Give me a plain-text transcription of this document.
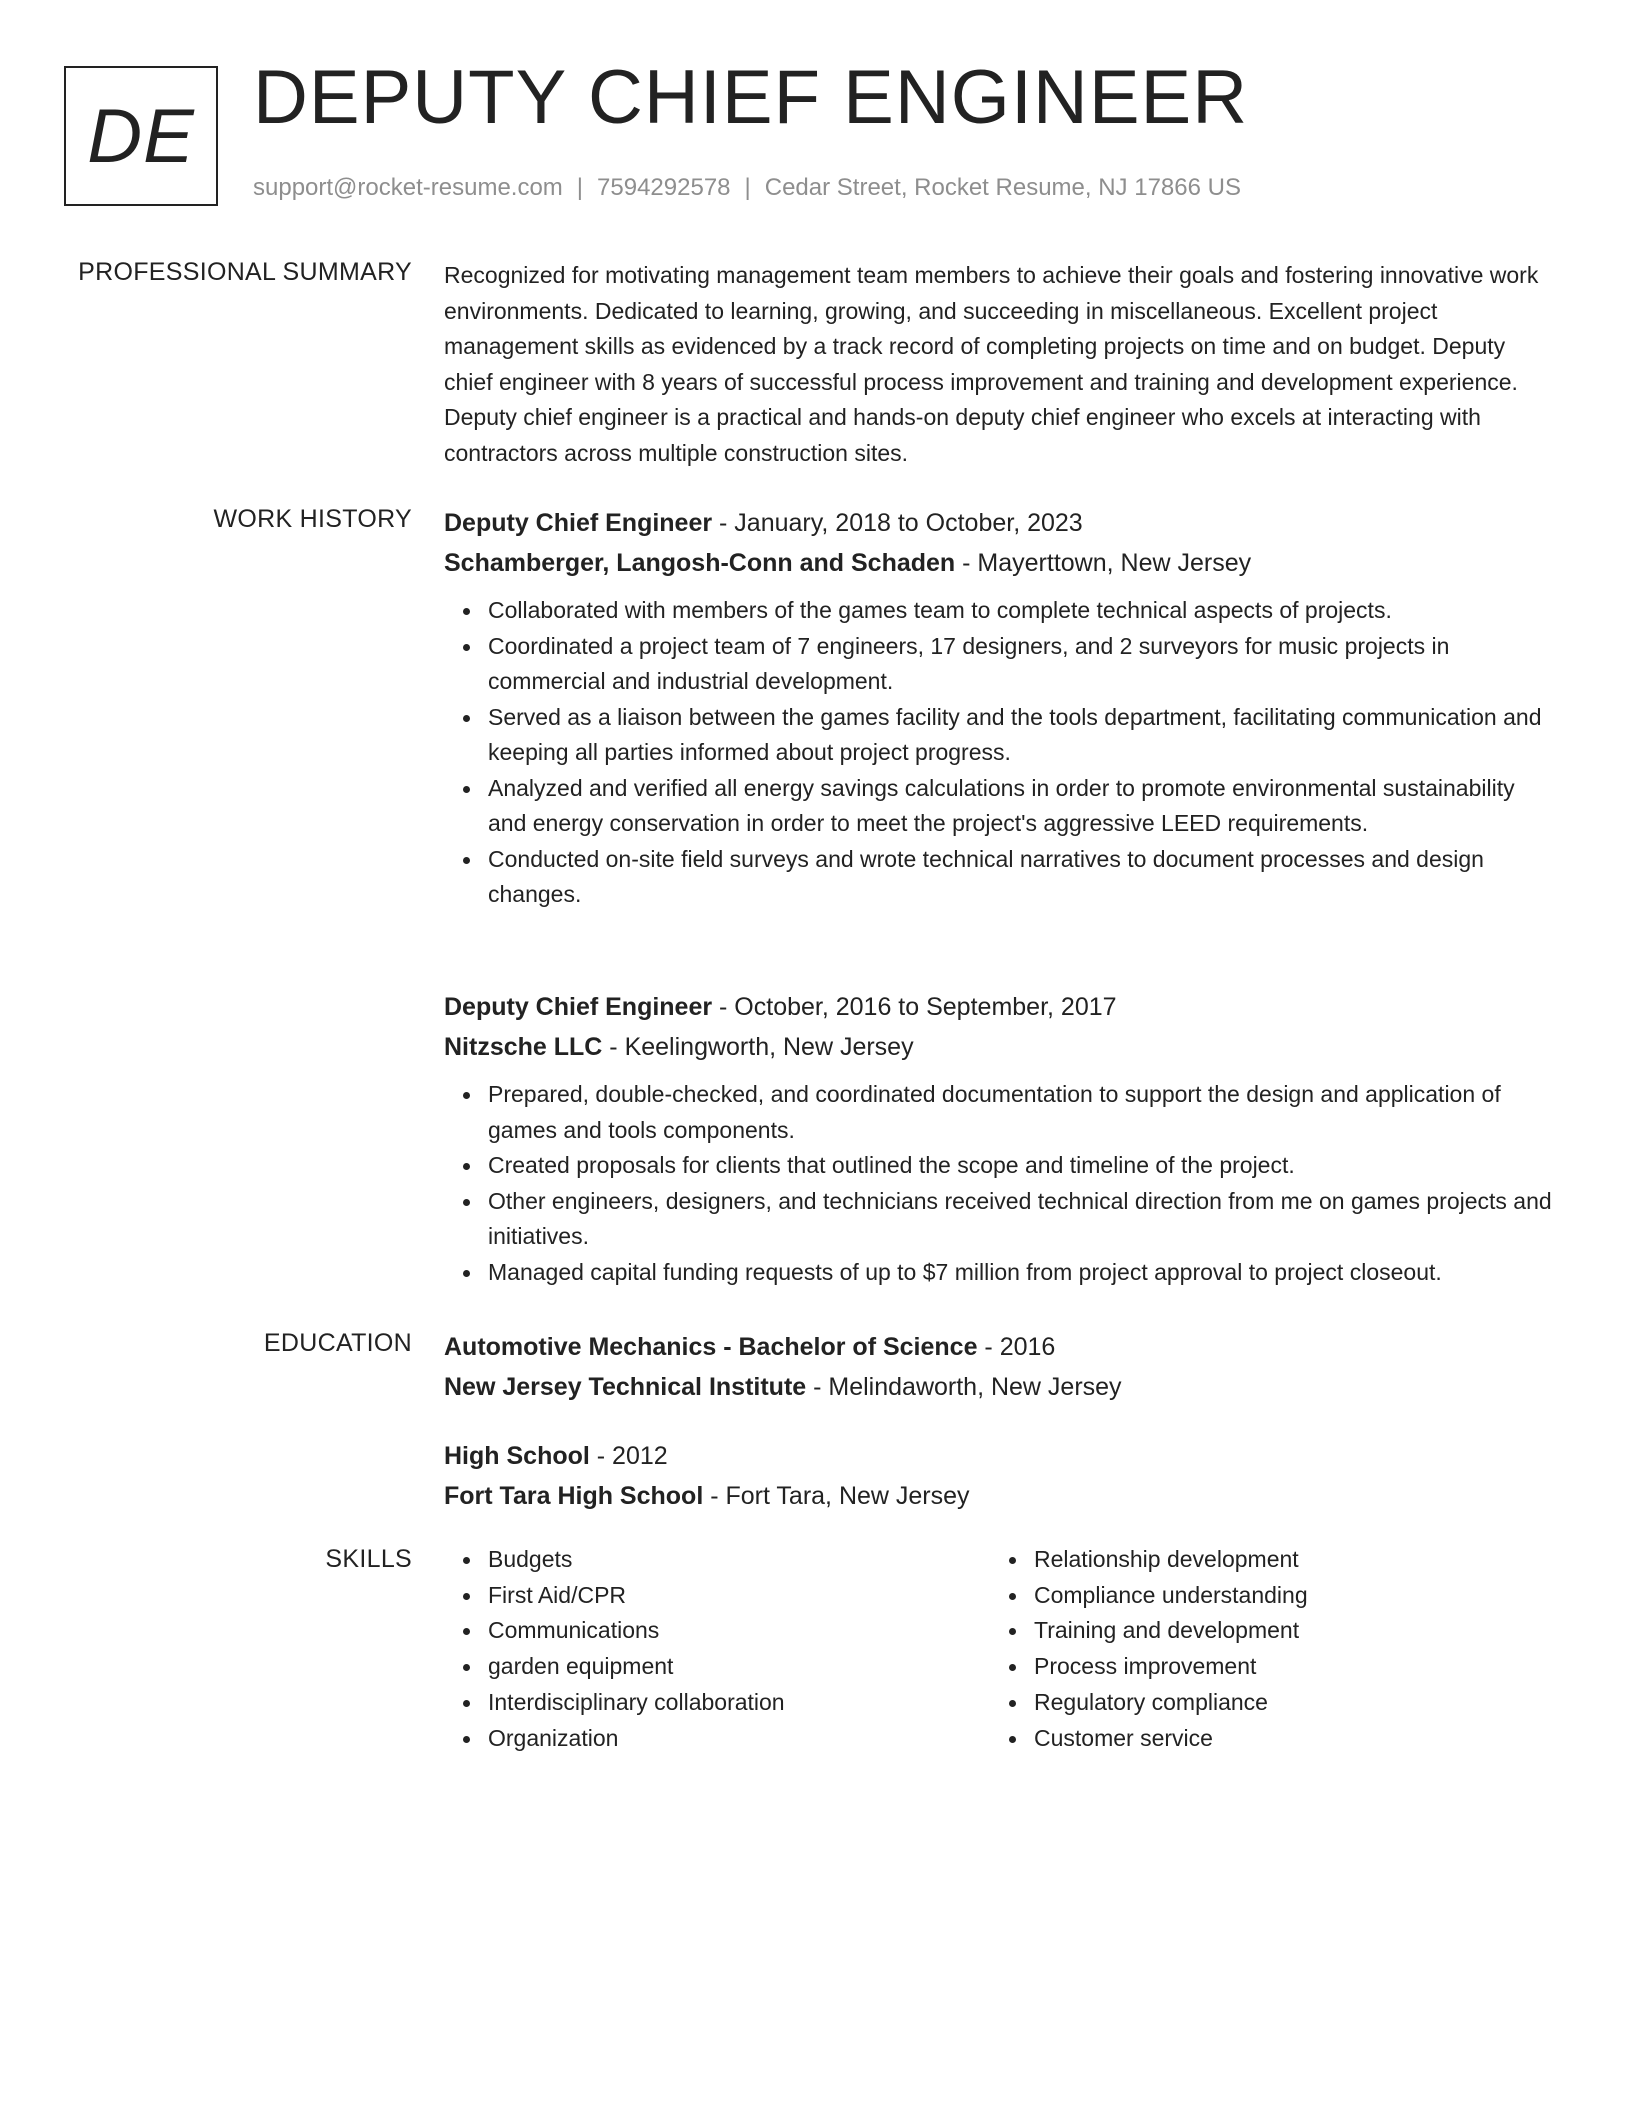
DE DEPUTY CHIEF ENGINEER
support@rocket-resume.com | 7594292578 | Cedar Street, Rocket Resume, NJ 17866 US
PROFESSIONAL SUMMARY Recognized for motivating management team members to achieve their goals and fostering innovative work environments. Dedicated to learning, growing, and succeeding in miscellaneous. Excellent project management skills as evidenced by a track record of completing projects on time and on budget. Deputy chief engineer with 8 years of successful process improvement and training and development experience. Deputy chief engineer is a practical and hands-on deputy chief engineer who excels at interacting with contractors across multiple construction sites.

WORK HISTORY Deputy Chief Engineer - January, 2018 to October, 2023
Schamberger, Langosh-Conn and Schaden - Mayerttown, New Jersey
Collaborated with members of the games team to complete technical aspects of projects.
Coordinated a project team of 7 engineers, 17 designers, and 2 surveyors for music projects in commercial and industrial development.
Served as a liaison between the games facility and the tools department, facilitating communication and keeping all parties informed about project progress.
Analyzed and verified all energy savings calculations in order to promote environmental sustainability and energy conservation in order to meet the project's aggressive LEED requirements.
Conducted on-site field surveys and wrote technical narratives to document processes and design changes.
Deputy Chief Engineer - October, 2016 to September, 2017
Nitzsche LLC - Keelingworth, New Jersey
Prepared, double-checked, and coordinated documentation to support the design and application of games and tools components.
Created proposals for clients that outlined the scope and timeline of the project.
Other engineers, designers, and technicians received technical direction from me on games projects and initiatives.
Managed capital funding requests of up to $7 million from project approval to project closeout.
EDUCATION Automotive Mechanics - Bachelor of Science - 2016
New Jersey Technical Institute - Melindaworth, New Jersey
High School - 2012
Fort Tara High School - Fort Tara, New Jersey
SKILLS	Budgets
First Aid/CPR
Communications
garden equipment
Interdisciplinary collaboration
Organization
Relationship development
Compliance understanding
Training and development
Process improvement
Regulatory compliance
Customer service
